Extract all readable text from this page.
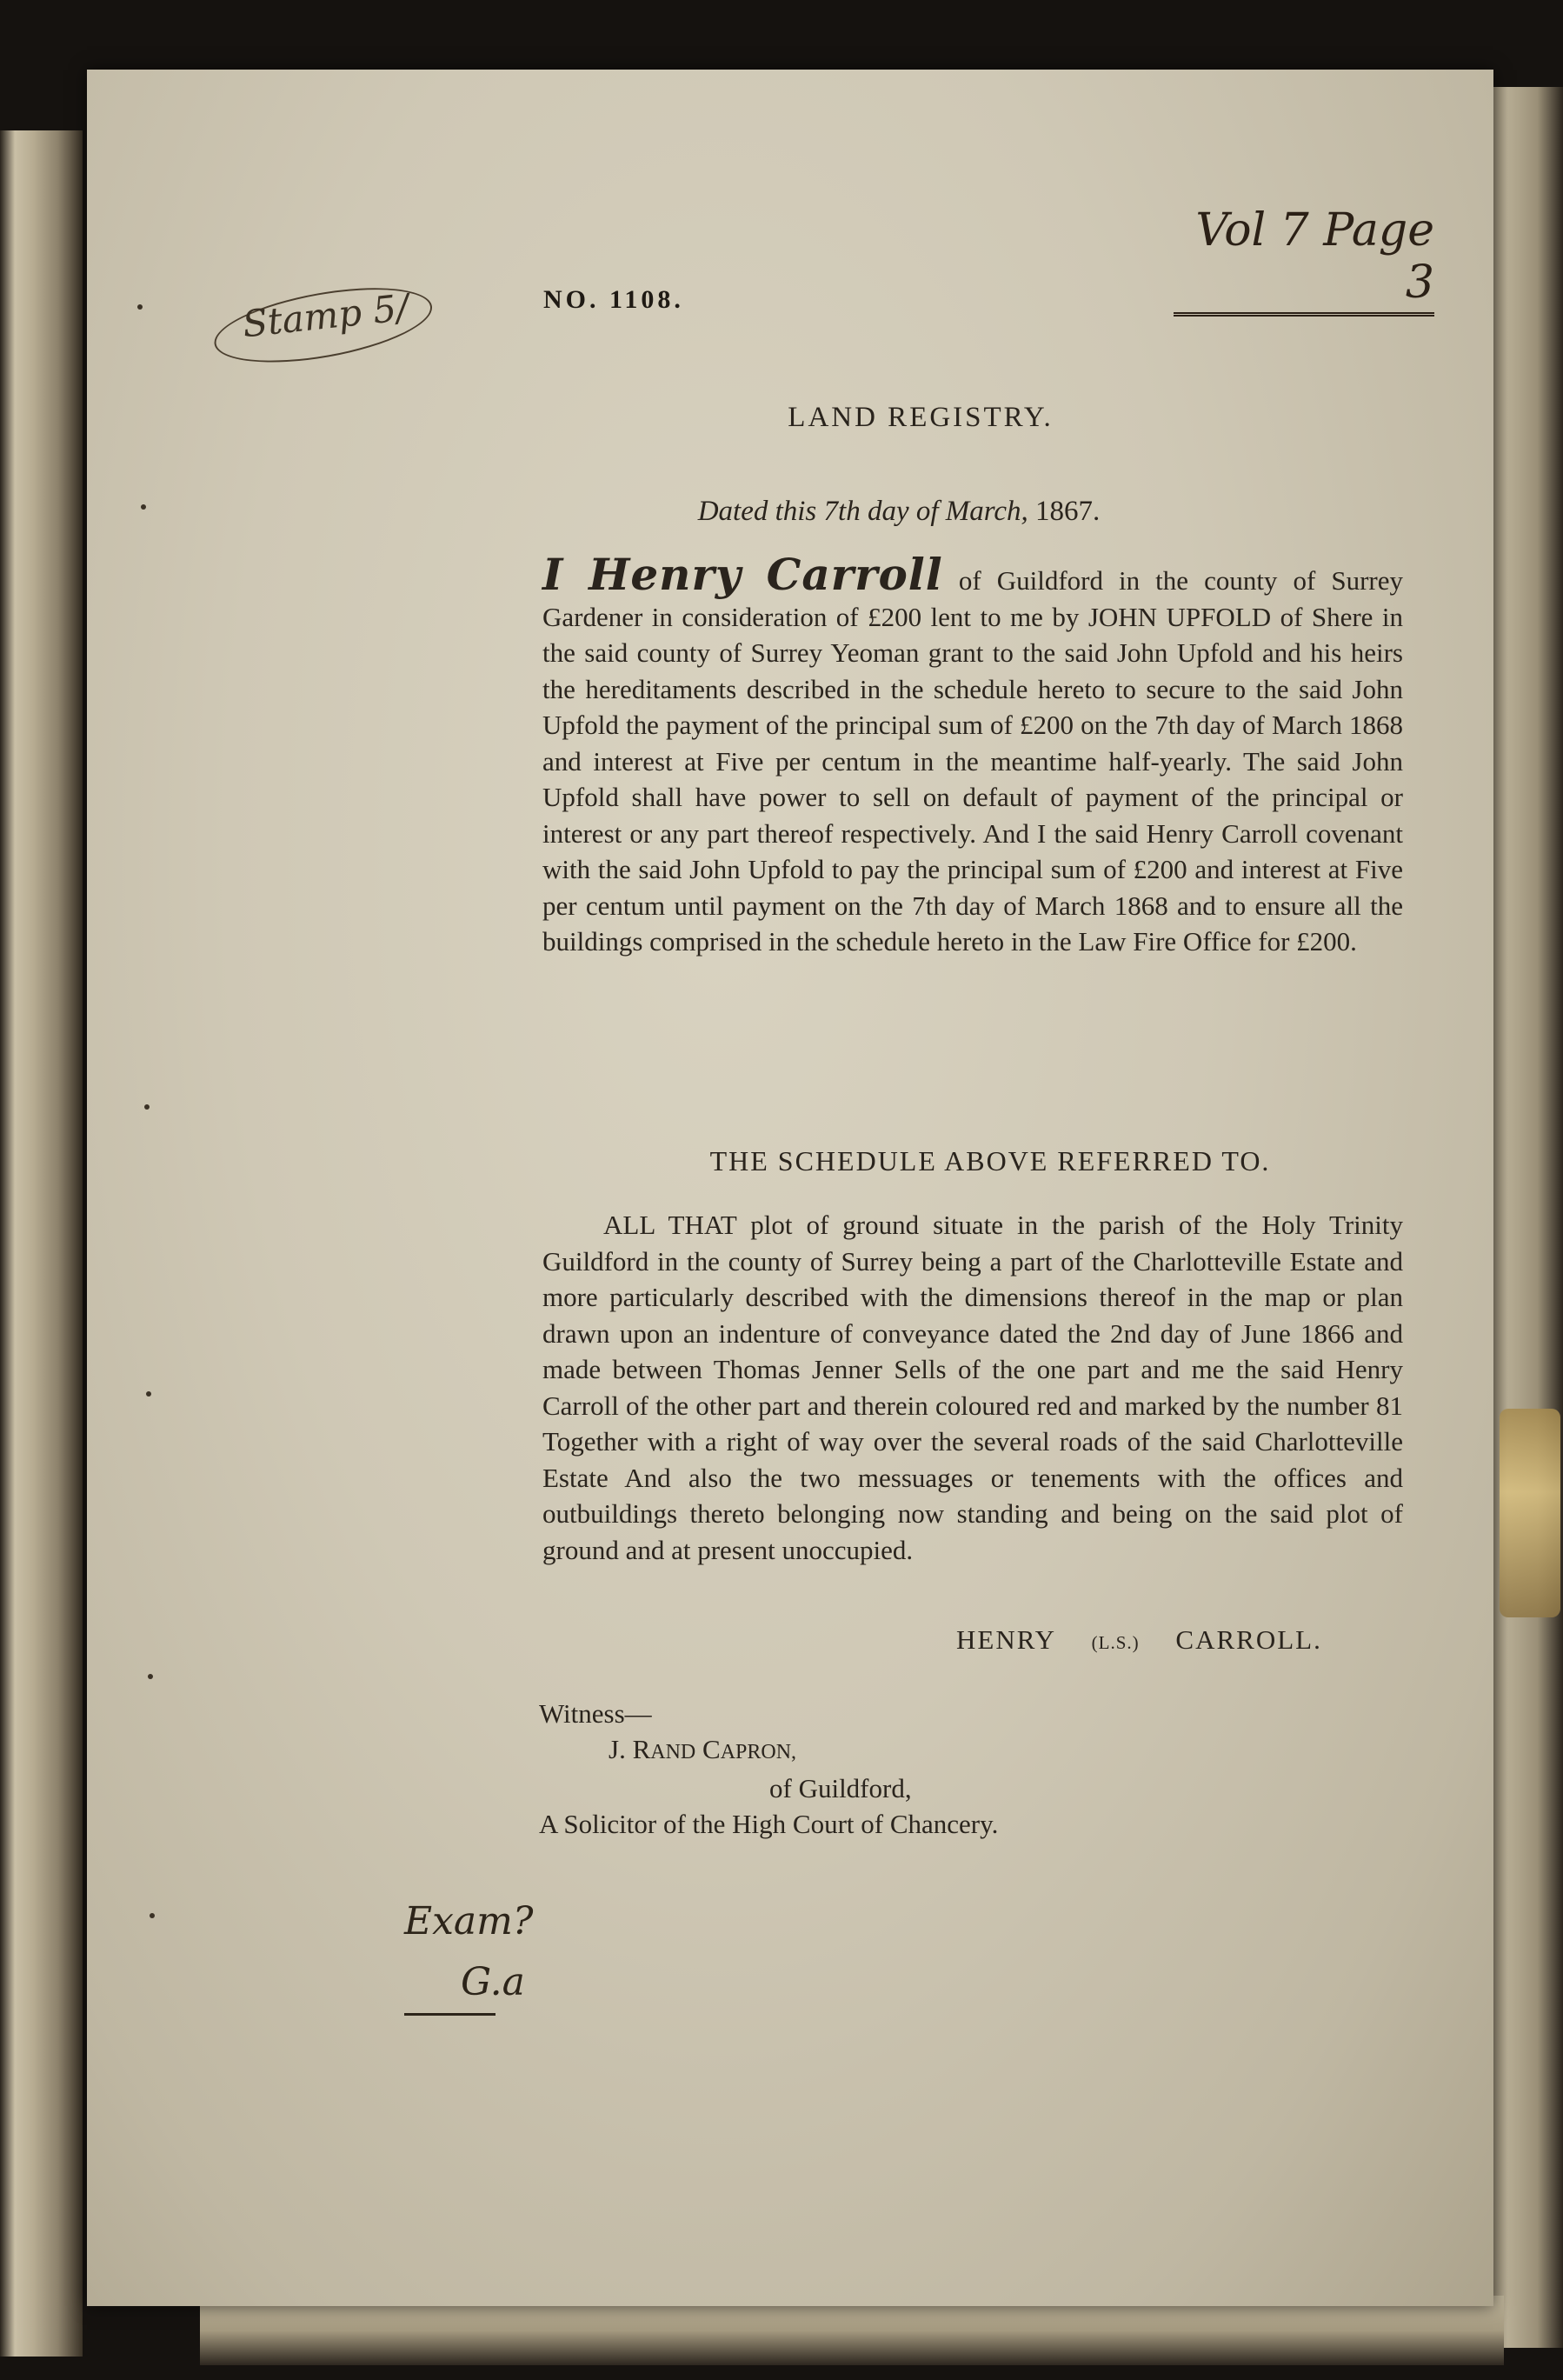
Vol 7 Page 3
Stamp 5/	NO. 1108.
LAND REGISTRY.
Dated this 7th day of March, 1867.
I Henry Carroll of Guildford in the county of Surrey Gardener in consideration of £200 lent to me by JOHN UPFOLD of Shere in the said county of Surrey Yeoman grant to the said John Upfold and his heirs the hereditaments described in the schedule hereto to secure to the said John Upfold the payment of the principal sum of £200 on the 7th day of March 1868 and interest at Five per centum in the meantime half-yearly. The said John Upfold shall have power to sell on default of payment of the principal or interest or any part thereof respectively. And I the said Henry Carroll covenant with the said John Upfold to pay the principal sum of £200 and interest at Five per centum until payment on the 7th day of March 1868 and to ensure all the buildings comprised in the schedule hereto in the Law Fire Office for £200.
THE SCHEDULE ABOVE REFERRED TO.
ALL THAT plot of ground situate in the parish of the Holy Trinity Guildford in the county of Surrey being a part of the Charlotteville Estate and more particularly described with the dimensions thereof in the map or plan drawn upon an indenture of conveyance dated the 2nd day of June 1866 and made between Thomas Jenner Sells of the one part and me the said Henry Carroll of the other part and therein coloured red and marked by the number 81 Together with a right of way over the several roads of the said Charlotteville Estate And also the two messuages or tenements with the offices and outbuildings thereto belonging now standing and being on the said plot of ground and at present unoccupied.
HENRY (L.S.) CARROLL.
Witness—
J. RAND CAPRON,
of Guildford,
A Solicitor of the High Court of Chancery.
Exam?
G.a
